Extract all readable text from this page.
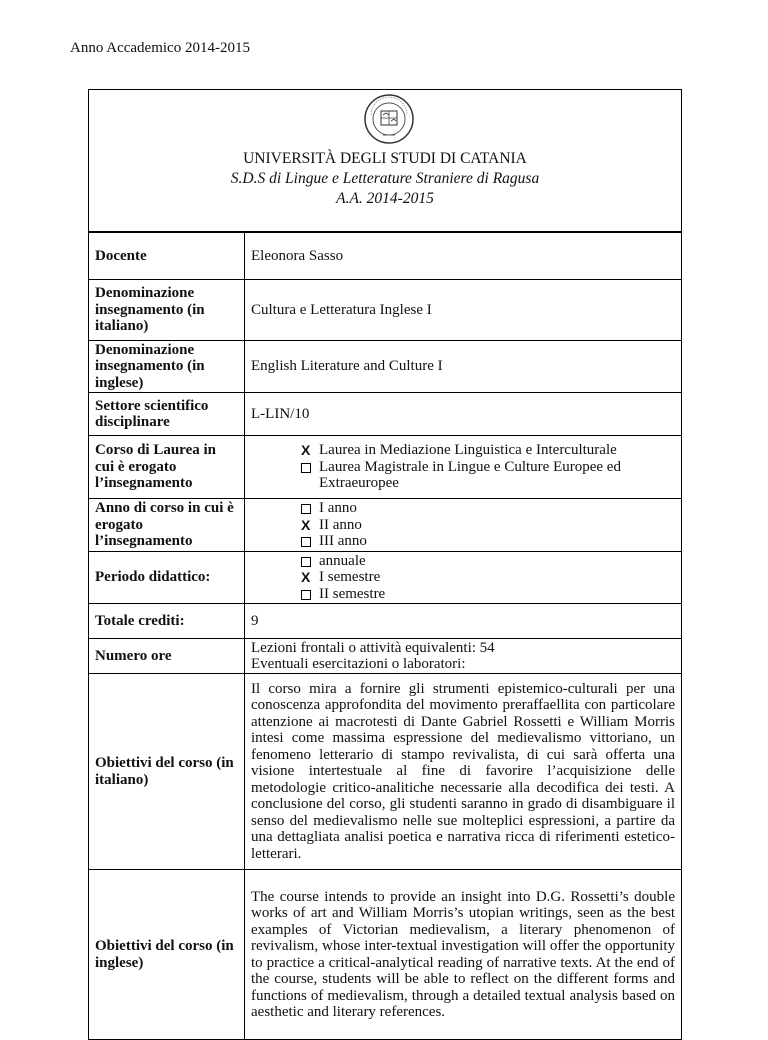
Anno Accademico 2014-2015
UNIVERSITÀ DEGLI STUDI DI CATANIA
S.D.S di Lingue e Letterature Straniere di Ragusa
A.A. 2014-2015
Docente	Eleonora Sasso
Denominazione insegnamento (in italiano)	Cultura e Letteratura Inglese I
Denominazione insegnamento (in inglese)	English Literature and Culture I
Settore scientifico disciplinare	L-LIN/10
Corso di Laurea in cui è erogato l’insegnamento	X Laurea in Mediazione Linguistica e Interculturale
Laurea Magistrale in Lingue e Culture Europee ed Extraeuropee

Anno di corso in cui è erogato l’insegnamento	I anno
X II anno
III anno

Periodo didattico:	annuale
X I semestre
II semestre

Totale crediti:	9
Numero ore	Lezioni frontali o attività equivalenti: 54
Eventuali esercitazioni o laboratori:

Obiettivi del corso (in italiano)	Il corso mira a fornire gli strumenti epistemico-culturali per una conoscenza approfondita del movimento preraffaellita con particolare attenzione ai macrotesti di Dante Gabriel Rossetti e William Morris intesi come massima espressione del medievalismo vittoriano, un fenomeno letterario di stampo revivalista, di cui sarà offerta una visione intertestuale al fine di favorire l’acquisizione delle metodologie critico-analitiche necessarie alla decodifica dei testi. A conclusione del corso, gli studenti saranno in grado di disambiguare il senso del medievalismo nelle sue molteplici espressioni, a partire da una dettagliata analisi poetica e narrativa ricca di riferimenti estetico-letterari.
Obiettivi del corso (in inglese)	The course intends to provide an insight into D.G. Rossetti’s double works of art and William Morris’s utopian writings, seen as the best examples of Victorian medievalism, a literary phenomenon of revivalism, whose inter-textual investigation will offer the opportunity to practice a critical-analytical reading of narrative texts. At the end of the course, students will be able to reflect on the different forms and functions of medievalism, through a detailed textual analysis based on aesthetic and literary references.
